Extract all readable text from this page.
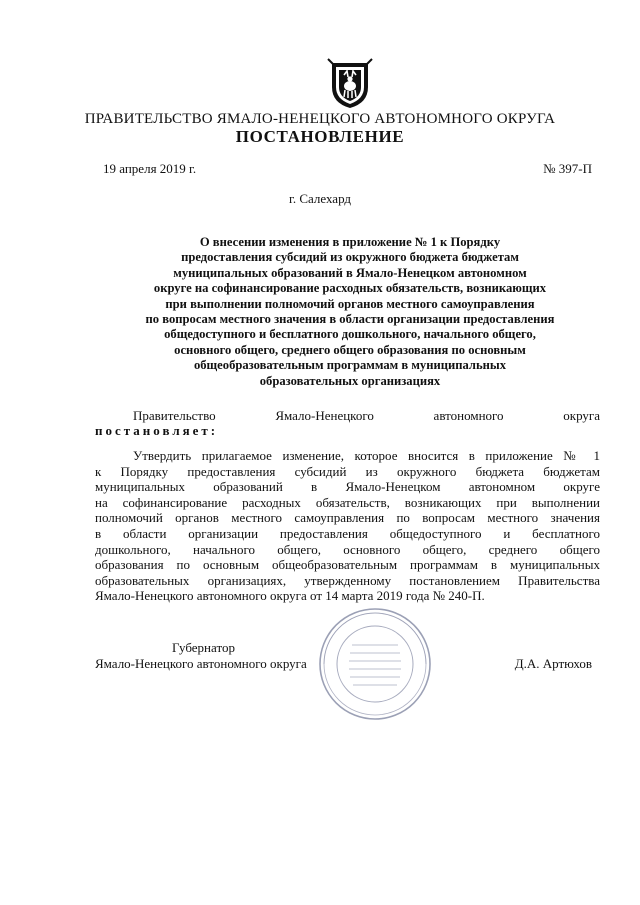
ПРАВИТЕЛЬСТВО ЯМАЛО-НЕНЕЦКОГО АВТОНОМНОГО ОКРУГА
ПОСТАНОВЛЕНИЕ
19 апреля 2019 г.	№ 397-П
г. Салехард
О внесении изменения в приложение № 1 к Порядку
предоставления субсидий из окружного бюджета бюджетам
муниципальных образований в Ямало-Ненецком автономном
округе на софинансирование расходных обязательств, возникающих
при выполнении полномочий органов местного самоуправления
по вопросам местного значения в области организации предоставления
общедоступного и бесплатного дошкольного, начального общего,
основного общего, среднего общего образования по основным
общеобразовательным программам в муниципальных
образовательных организациях
Правительство	Ямало-Ненецкого	автономного	округа
постановляет:
Утвердить прилагаемое изменение, которое вносится в приложение № 1
к Порядку предоставления субсидий из окружного бюджета бюджетам
муниципальных образований в Ямало-Ненецком автономном округе
на софинансирование расходных обязательств, возникающих при выполнении
полномочий органов местного самоуправления по вопросам местного значения
в области организации предоставления общедоступного и бесплатного
дошкольного, начального общего, основного общего, среднего общего
образования по основным общеобразовательным программам в муниципальных
образовательных организациях, утвержденному постановлением Правительства
Ямало-Ненецкого автономного округа от 14 марта 2019 года № 240-П.
Губернатор
Ямало-Ненецкого автономного округа	Д.А. Артюхов
